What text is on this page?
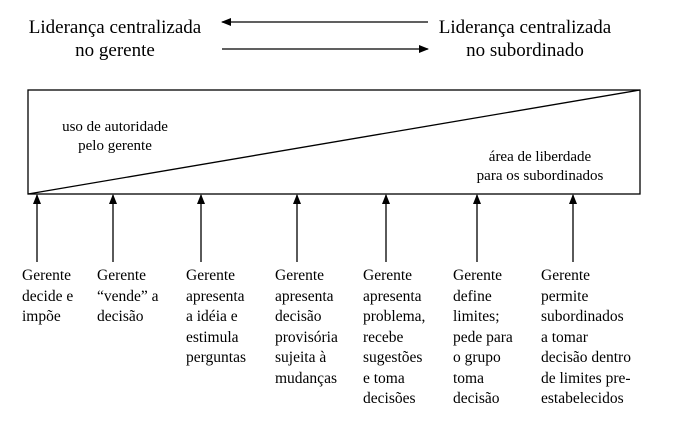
Liderança centralizada
no gerente
Liderança centralizada
no subordinado
uso de autoridade
pelo gerente
área de liberdade
para os subordinados
Gerente
decide e
impõe
Gerente
“vende” a
decisão
Gerente
apresenta
a idéia e
estimula
perguntas
Gerente
apresenta
decisão
provisória
sujeita à
mudanças
Gerente
apresenta
problema,
recebe
sugestões
e toma
decisões
Gerente
define
limites;
pede para
o grupo
toma
decisão
Gerente
permite
subordinados
a tomar
decisão dentro
de limites pre-
estabelecidos
